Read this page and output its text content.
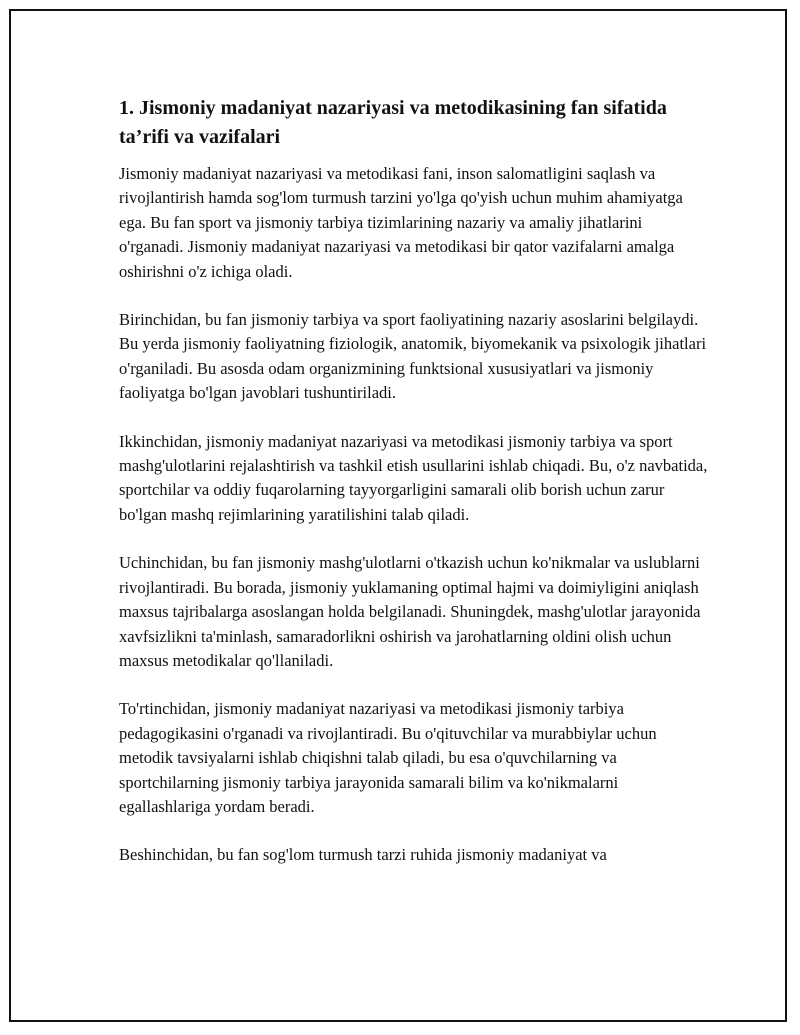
1. Jismoniy madaniyat nazariyasi va metodikasining fan sifatida ta’rifi va vazifalari

Jismoniy madaniyat nazariyasi va metodikasi fani, inson salomatligini saqlash va rivojlantirish hamda sog'lom turmush tarzini yo'lga qo'yish uchun muhim ahamiyatga ega. Bu fan sport va jismoniy tarbiya tizimlarining nazariy va amaliy jihatlarini o'rganadi. Jismoniy madaniyat nazariyasi va metodikasi bir qator vazifalarni amalga oshirishni o'z ichiga oladi.

Birinchidan, bu fan jismoniy tarbiya va sport faoliyatining nazariy asoslarini belgilaydi. Bu yerda jismoniy faoliyatning fiziologik, anatomik, biyomekanik va psixologik jihatlari o'rganiladi. Bu asosda odam organizmining funktsional xususiyatlari va jismoniy faoliyatga bo'lgan javoblari tushuntiriladi.

Ikkinchidan, jismoniy madaniyat nazariyasi va metodikasi jismoniy tarbiya va sport mashg'ulotlarini rejalashtirish va tashkil etish usullarini ishlab chiqadi. Bu, o'z navbatida, sportchilar va oddiy fuqarolarning tayyorgarligini samarali olib borish uchun zarur bo'lgan mashq rejimlarining yaratilishini talab qiladi.

Uchinchidan, bu fan jismoniy mashg'ulotlarni o'tkazish uchun ko'nikmalar va uslublarni rivojlantiradi. Bu borada, jismoniy yuklamaning optimal hajmi va doimiyligini aniqlash maxsus tajribalarga asoslangan holda belgilanadi. Shuningdek, mashg'ulotlar jarayonida xavfsizlikni ta'minlash, samaradorlikni oshirish va jarohatlarning oldini olish uchun maxsus metodikalar qo'llaniladi.

To'rtinchidan, jismoniy madaniyat nazariyasi va metodikasi jismoniy tarbiya pedagogikasini o'rganadi va rivojlantiradi. Bu o'qituvchilar va murabbiylar uchun metodik tavsiyalarni ishlab chiqishni talab qiladi, bu esa o'quvchilarning va sportchilarning jismoniy tarbiya jarayonida samarali bilim va ko'nikmalarni egallashlariga yordam beradi.

Beshinchidan, bu fan sog'lom turmush tarzi ruhida jismoniy madaniyat va
